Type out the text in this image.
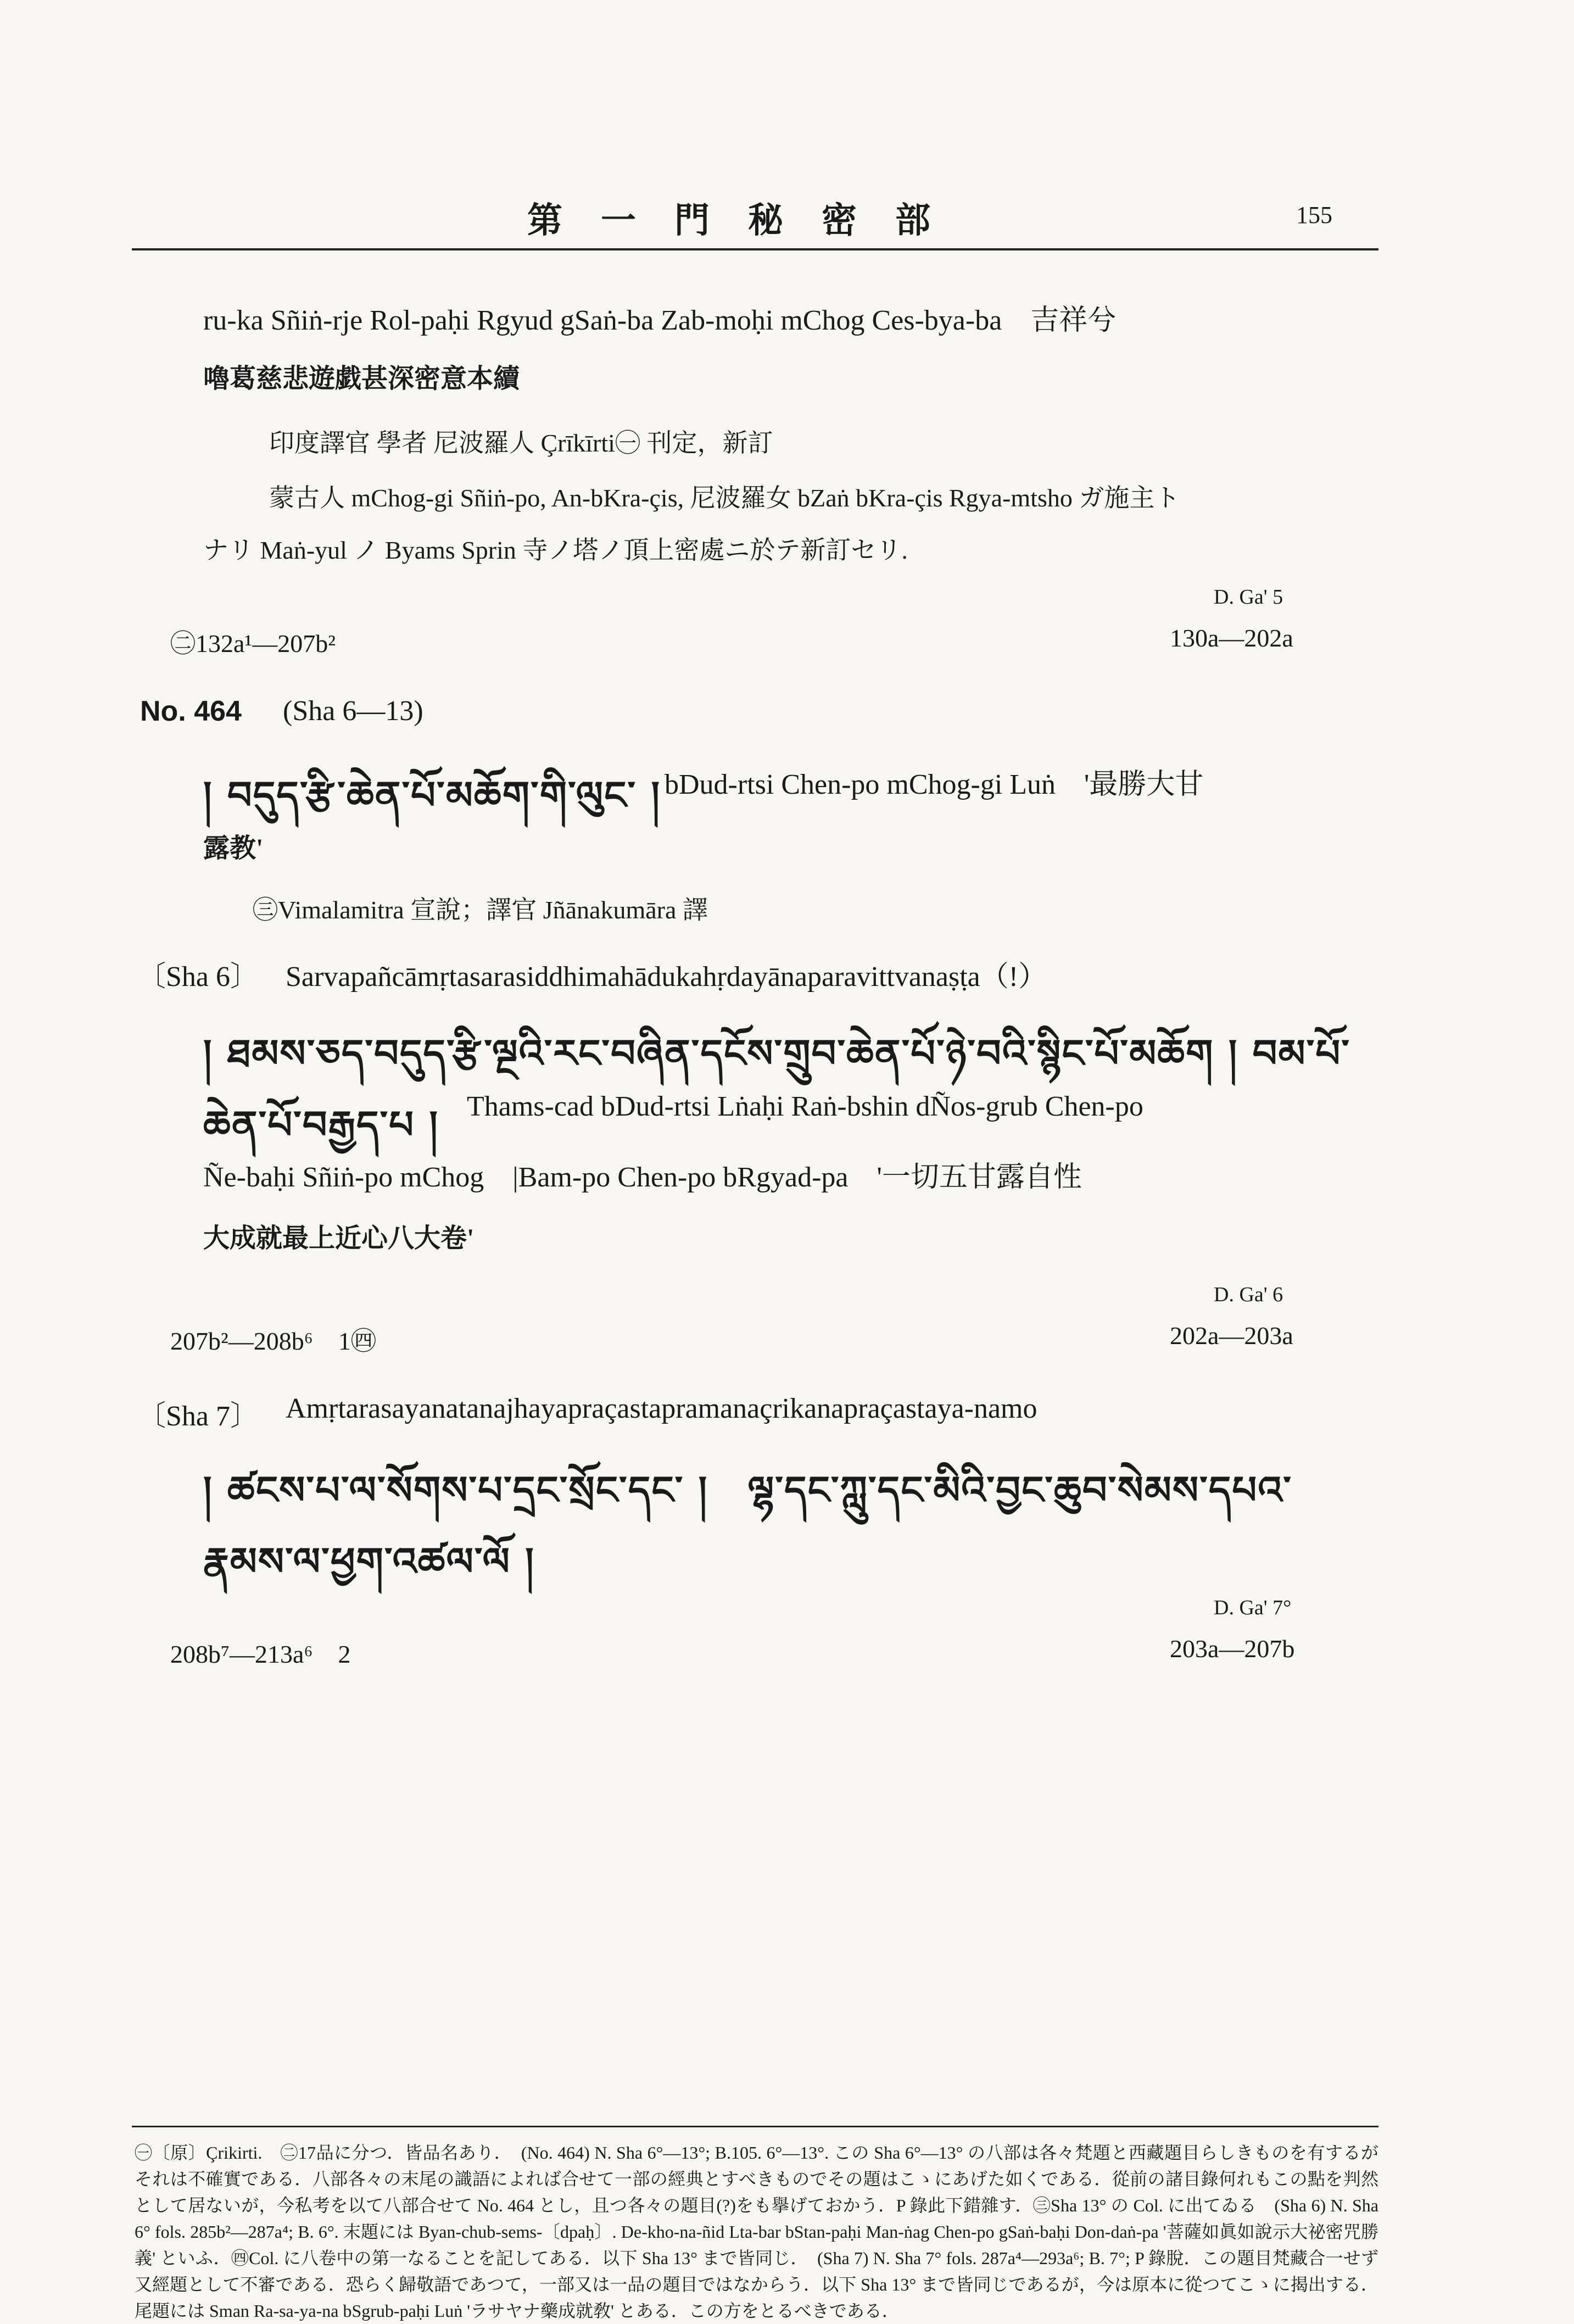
第一門秘密部	155
ru-ka Sñiṅ-rje Rol-paḥi Rgyud gSaṅ-ba Zab-moḥi mChog Ces-bya-ba　吉祥兮
嚕葛慈悲遊戯甚深密意本續
印度譯官 學者 尼波羅人 Çrīkīrti㊀ 刊定，新訂
蒙古人 mChog-gi Sñiṅ-po, An-bKra-çis, 尼波羅女 bZaṅ bKra-çis Rgya-mtsho ガ施主ト
ナリ Maṅ-yul ノ Byams Sprin 寺ノ塔ノ頂上密處ニ於テ新訂セリ.
D. Ga' 5
㊁132a¹—207b²	130a—202a
No. 464 (Sha 6—13)
། བདུད་རྩི་ཆེན་པོ་མཆོག་གི་ལུང་ ། bDud-rtsi Chen-po mChog-gi Luṅ　'最勝大甘
露教'
㊂Vimalamitra 宣說；譯官 Jñānakumāra 譯
〔Sha 6〕 Sarvapañcāmṛtasarasiddhimahādukahṛdayānaparavittvanaṣṭa（!）
། ཐམས་ཅད་བདུད་རྩི་ལྔའི་རང་བཞིན་དངོས་གྲུབ་ཆེན་པོ་ཉེ་བའི་སྙིང་པོ་མཆོག ། བམ་པོ་
ཆེན་པོ་བརྒྱད་པ ། Thams-cad bDud-rtsi Lṅaḥi Raṅ-bshin dÑos-grub Chen-po
Ñe-baḥi Sñiṅ-po mChog　|Bam-po Chen-po bRgyad-pa　'一切五甘露自性
大成就最上近心八大卷'
D. Ga' 6
207b²—208b⁶　1㊃	202a—203a
〔Sha 7〕 Amṛtarasayanatanajhayapraçastapramanaçrikanapraçastaya-namo
། ཚངས་པ་ལ་སོགས་པ་དྲང་སྲོང་དང་ །　ལྷ་དང་ཀླུ་དང་མིའི་བྱང་ཆུབ་སེམས་དཔའ་
རྣམས་ལ་ཕྱག་འཚལ་ལོ །
D. Ga' 7°
208b⁷—213a⁶　2	203a—207b
㊀〔原〕Çrikirti.　㊁17品に分つ．皆品名あり．　(No. 464) N. Sha 6°—13°; B.105. 6°—13°. この Sha 6°—13° の八部は各々梵題と西藏題目らしきものを有するがそれは不確實である．八部各々の末尾の識語によれば合せて一部の經典とすべきものでその題はこゝにあげた如くである．從前の諸目錄何れもこの點を判然として居ないが，今私考を以て八部合せて No. 464 とし，且つ各々の題目(?)をも擧げておかう．P 錄此下錯雜す．㊂Sha 13° の Col. に出てゐる　(Sha 6) N. Sha 6° fols. 285b²—287a⁴; B. 6°. 末題には Byan-chub-sems-〔dpaḥ〕. De-kho-na-ñid Lta-bar bStan-paḥi Man-ṅag Chen-po gSaṅ-baḥi Don-daṅ-pa '菩薩如眞如說示大祕密咒勝義' といふ．㊃Col. に八卷中の第一なることを記してある．以下 Sha 13° まで皆同じ．　(Sha 7) N. Sha 7° fols. 287a⁴—293a⁶; B. 7°; P 錄脫．この題目梵藏合一せず又經題として不審である．恐らく歸敬語であつて，一部又は一品の題目ではなからう．以下 Sha 13° まで皆同じであるが，今は原本に從つてこゝに揭出する．尾題には Sman Ra-sa-ya-na bSgrub-paḥi Luṅ 'ラサヤナ藥成就敎' とある．この方をとるべきである．
